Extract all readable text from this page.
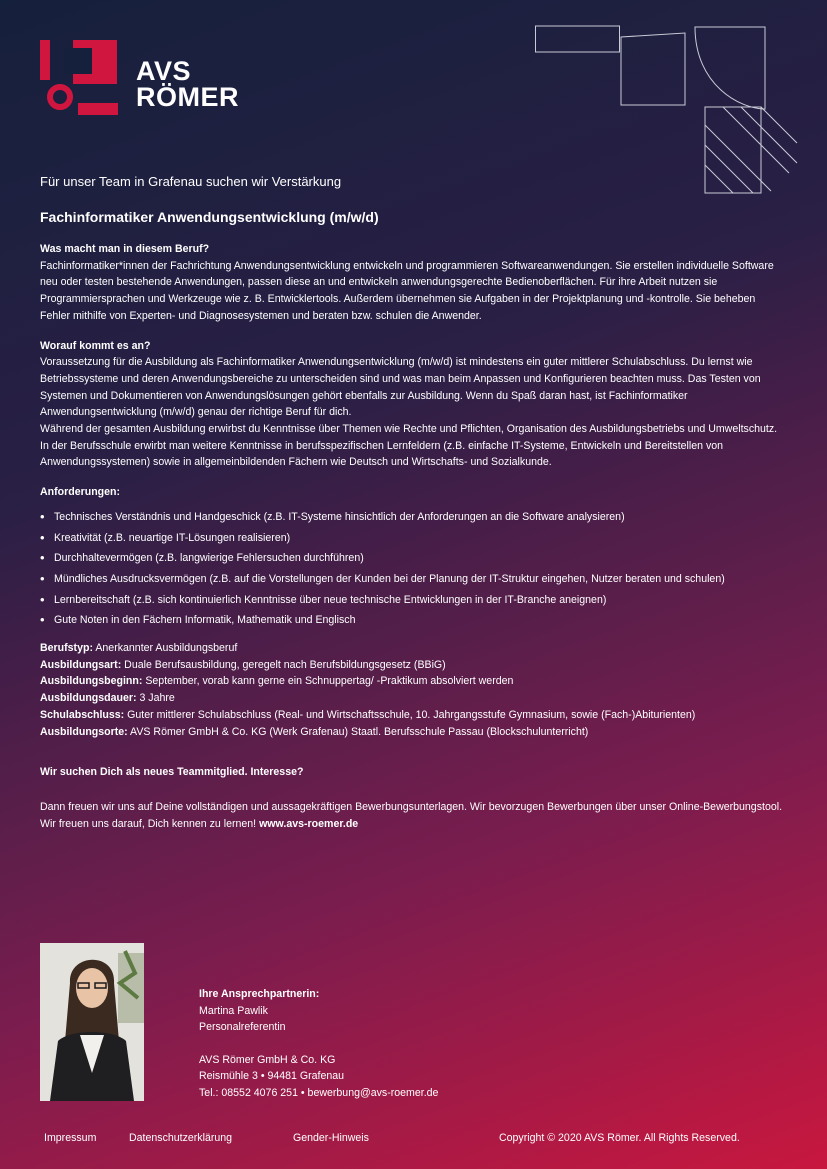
AVS
RÖMER
Für unser Team in Grafenau suchen wir Verstärkung
Fachinformatiker Anwendungsentwicklung (m/w/d)

Was macht man in diesem Beruf?

Fachinformatiker*innen der Fachrichtung Anwendungsentwicklung entwickeln und programmieren Softwareanwendungen. Sie erstellen individuelle Software neu oder testen bestehende Anwendungen, passen diese an und entwickeln anwendungsgerechte Bedienoberflächen. Für ihre Arbeit nutzen sie Programmiersprachen und Werkzeuge wie z. B. Entwicklertools. Außerdem übernehmen sie Aufgaben in der Projektplanung und -kontrolle. Sie beheben Fehler mithilfe von Experten- und Diagnosesystemen und beraten bzw. schulen die Anwender.

Worauf kommt es an?

Voraussetzung für die Ausbildung als Fachinformatiker Anwendungsentwicklung (m/w/d) ist mindestens ein guter mittlerer Schulabschluss. Du lernst wie Betriebssysteme und deren Anwendungsbereiche zu unterscheiden sind und was man beim Anpassen und Konfigurieren beachten muss. Das Testen von Systemen und Dokumentieren von Anwendungslösungen gehört ebenfalls zur Ausbildung. Wenn du Spaß daran hast, ist Fachinformatiker Anwendungsentwicklung (m/w/d) genau der richtige Beruf für dich.

Während der gesamten Ausbildung erwirbst du Kenntnisse über Themen wie Rechte und Pflichten, Organisation des Ausbildungsbetriebs und Umweltschutz.

In der Berufsschule erwirbt man weitere Kenntnisse in berufsspezifischen Lernfeldern (z.B. einfache IT-Systeme, Entwickeln und Bereitstellen von Anwendungssystemen) sowie in allgemeinbildenden Fächern wie Deutsch und Wirtschafts- und Sozialkunde.

Anforderungen:

• Technisches Verständnis und Handgeschick (z.B. IT-Systeme hinsichtlich der Anforderungen an die Software analysieren)
• Kreativität (z.B. neuartige IT-Lösungen realisieren)
• Durchhaltevermögen (z.B. langwierige Fehlersuchen durchführen)
• Mündliches Ausdrucksvermögen (z.B. auf die Vorstellungen der Kunden bei der Planung der IT-Struktur eingehen, Nutzer beraten und schulen)
• Lernbereitschaft (z.B. sich kontinuierlich Kenntnisse über neue technische Entwicklungen in der IT-Branche aneignen)
• Gute Noten in den Fächern Informatik, Mathematik und Englisch

Berufstyp: Anerkannter Ausbildungsberuf

Ausbildungsart: Duale Berufsausbildung, geregelt nach Berufsbildungsgesetz (BBiG)

Ausbildungsbeginn: September, vorab kann gerne ein Schnuppertag/ -Praktikum absolviert werden

Ausbildungsdauer: 3 Jahre

Schulabschluss: Guter mittlerer Schulabschluss (Real- und Wirtschaftsschule, 10. Jahrgangsstufe Gymnasium, sowie (Fach-)Abiturienten)

Ausbildungsorte: AVS Römer GmbH & Co. KG (Werk Grafenau) Staatl. Berufsschule Passau (Blockschulunterricht)

Wir suchen Dich als neues Teammitglied. Interesse?

Dann freuen wir uns auf Deine vollständigen und aussagekräftigen Bewerbungsunterlagen. Wir bevorzugen Bewerbungen über unser Online-Bewerbungstool. Wir freuen uns darauf, Dich kennen zu lernen! www.avs-roemer.de

Ihre Ansprechpartnerin:
Martina Pawlik
Personalreferentin
AVS Römer GmbH & Co. KG
Reismühle 3 • 94481 Grafenau
Tel.: 08552 4076 251 • bewerbung@avs-roemer.de
Impressum	Datenschutzerklärung	Gender-Hinweis	Copyright © 2020 AVS Römer. All Rights Reserved.
